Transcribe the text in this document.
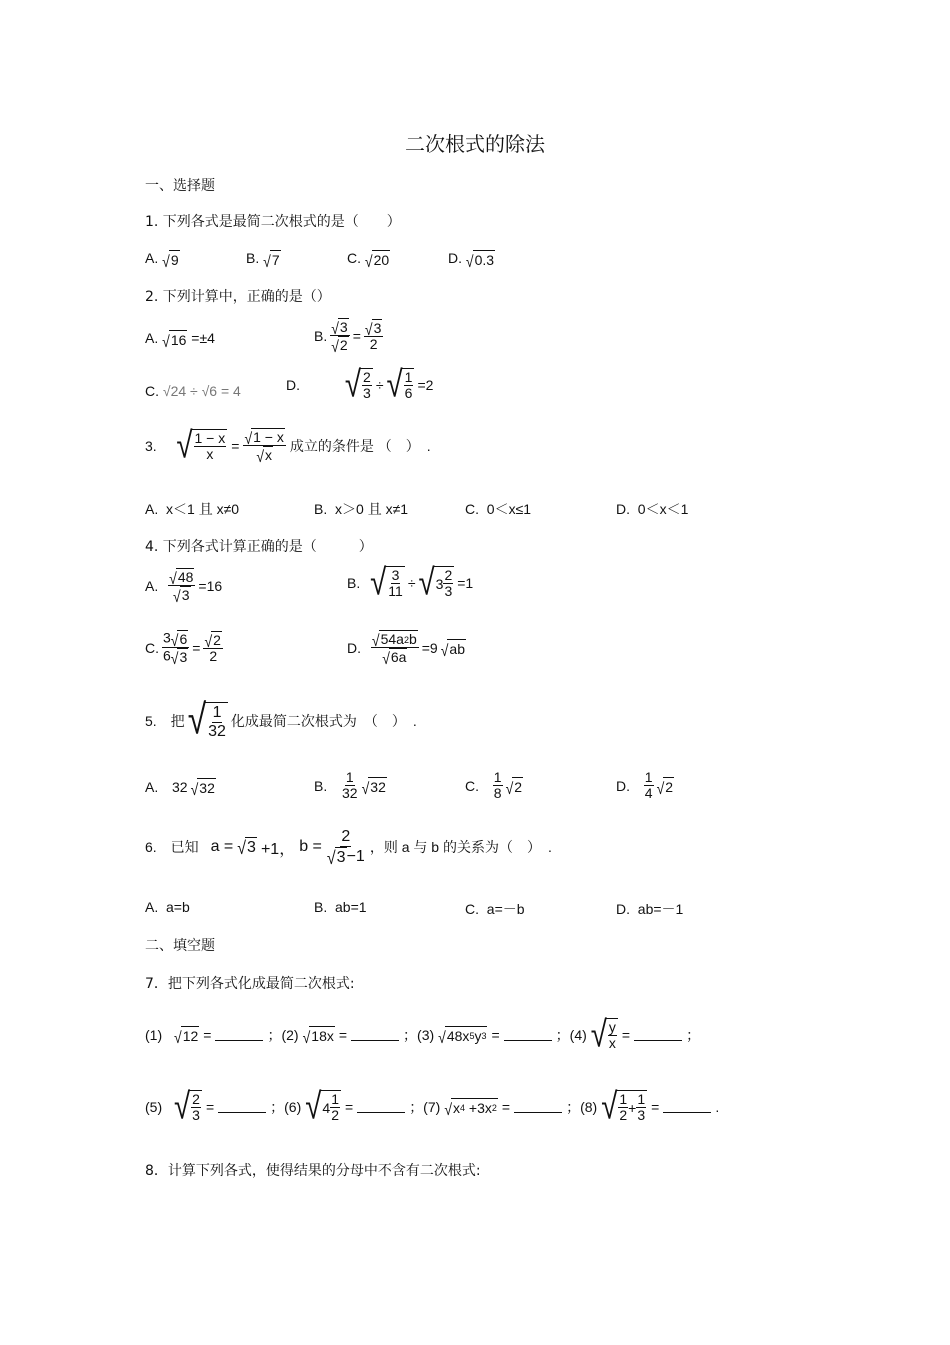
二次根式的除法
一、选择题
1. 下列各式是最简二次根式的是（　　）
A. √ 9	B. √ 7	C. √ 20	D. √ 0.3
2. 下列计算中，正确的是（）
A. √ 16 =±4	B. $\frac{√ 3}{√ 2} = \frac{√ 3}{2}$
C. √24 ÷ √6 = 4	D.
√ $\frac{2}{3}$ ÷ √ $\frac{1}{6} =2$
3.
√ $\frac{1 - x}{x} = \frac{√ 1 - x}{√ x}$ 成立的条件是 （　）　.
A. x＜1 且 x≠0	B. x＞0 且 x≠1	C. 0＜x≤1	D. 0＜x＜1
4. 下列各式计算正确的是（　　　）
A.
$\frac{√ 48}{√ 3} =16$	B.
√ $\frac{3}{11}$ ÷ √ $3 \frac{2}{3} =1$
C. $\frac{3 √ 6}{6 √ 3} = \frac{√ 2}{2}$	D.
$\frac{√ 54a 2 b}{√ 6a} =9$ √ ab
5.　把 √ $\frac{1}{32}$ 化成最简二次根式为　（　）　.
A.
32 √ 32	B.
$\frac{1}{32}$ √ 32	C.
$\frac{1}{8}$ √ 2	D.
$\frac{1}{4}$ √ 2
6.　已知
a = √ 3 +1， $b = \frac{2}{√ 3 -1}$ ，则 a 与 b 的关系为（　）　.
A. a=b	B. ab=1	C. a=－b	D. ab=－1
二、填空题
7．把下列各式化成最简二次根式:
(1)
√ 12 =	；(2) √ 18x =	；(3) √ 48x 5 y 3 =	；(4) √ $\frac{y}{x}$ =	；
(5)
√ $\frac{2}{3}$ =	；(6) √ $4 \frac{1}{2}$ =	；(7) √ x 4
+3x 2 =	；(8) √ $\frac{1}{2} + \frac{1}{3}$ =	.
8．计算下列各式，使得结果的分母中不含有二次根式:
